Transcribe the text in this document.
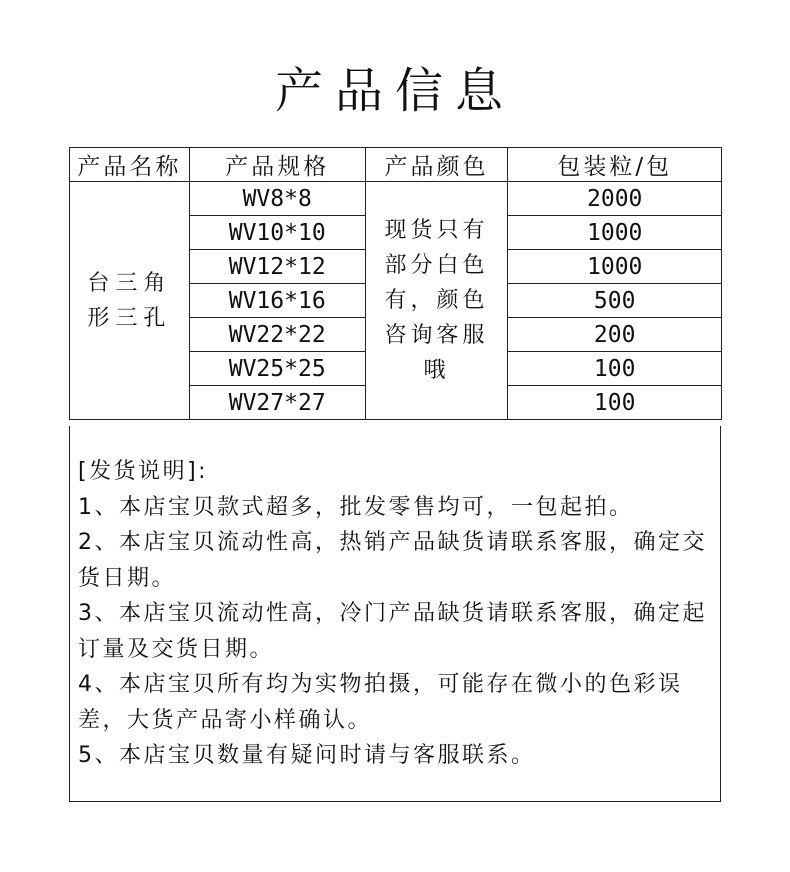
产品信息
产品名称	产品规格	产品颜色	包装粒/包
台三角形三孔	WV8*8	现货只有部分白色有，颜色咨询客服哦	2000
	WV10*10		1000
	WV12*12		1000
	WV16*16		500
	WV22*22		200
	WV25*25		100
	WV27*27		100

[发货说明]:

1、本店宝贝款式超多，批发零售均可，一包起拍。

2、本店宝贝流动性高，热销产品缺货请联系客服，确定交货日期。

3、本店宝贝流动性高，冷门产品缺货请联系客服，确定起订量及交货日期。

4、本店宝贝所有均为实物拍摄，可能存在微小的色彩误差，大货产品寄小样确认。

5、本店宝贝数量有疑问时请与客服联系。
